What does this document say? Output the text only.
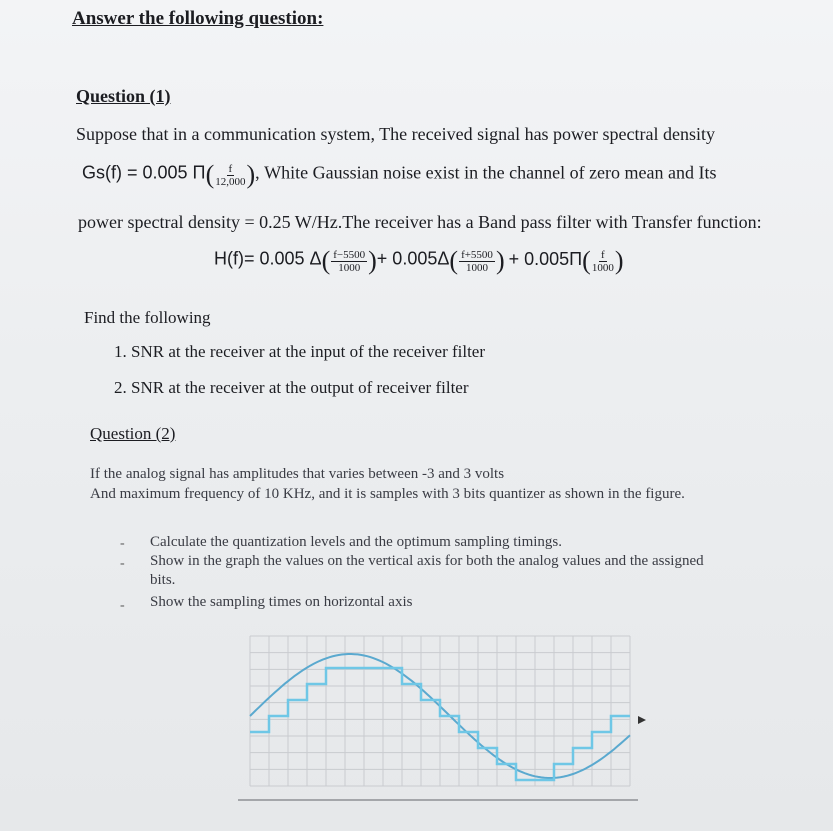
Answer the following question:
Question (1)
Suppose that in a communication system, The received signal has power spectral density
Gs(f) = 0.005 $\Pi( \frac{f}{12,000}$ ), White Gaussian noise exist in the channel of zero mean and Its
power spectral density = 0.25 W/Hz.The receiver has a Band pass filter with Transfer function:
H(f)= 0.005 $\Delta( \frac{f-5500}{1000}$ )+ $0.005\Delta( \frac{f+5500}{1000}$ ) + $0.005\Pi( \frac{f}{1000}$ )
Find the following
1. SNR at the receiver at the input of the receiver filter
2. SNR at the receiver at the output of receiver filter
Question (2)
If the analog signal has amplitudes that varies between -3 and 3 volts
And maximum frequency of 10 KHz, and it is samples with 3 bits quantizer as shown in the figure.
- Calculate the quantization levels and the optimum sampling timings.
- Show in the graph the values on the vertical axis for both the analog values and the assigned
bits.
- Show the sampling times on horizontal axis
